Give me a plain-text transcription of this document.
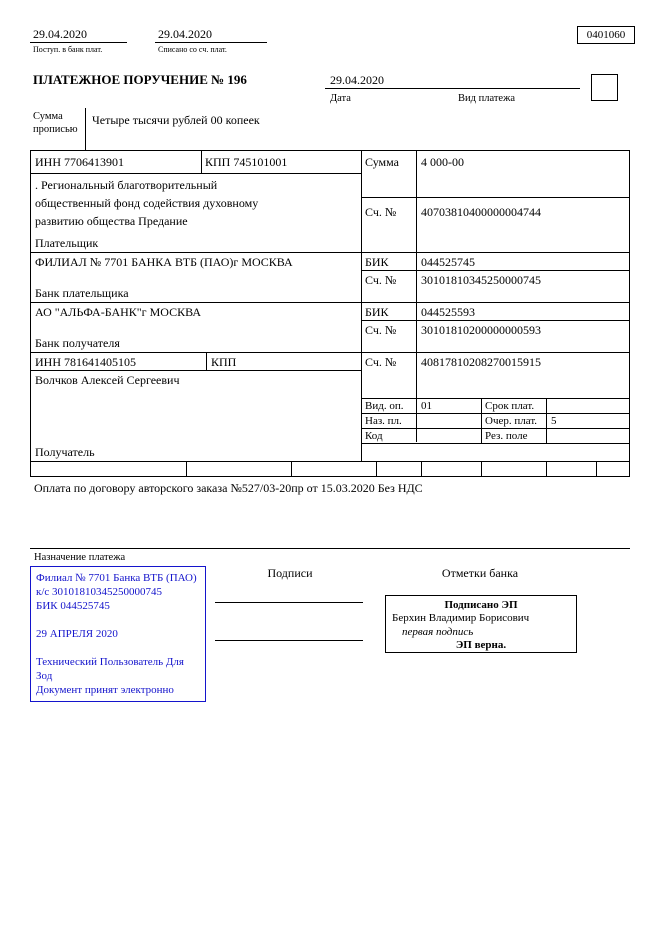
29.04.2020
Поступ. в банк плат.
29.04.2020
Списано со сч. плат.
0401060
ПЛАТЕЖНОЕ ПОРУЧЕНИЕ № 196	29.04.2020
Дата	Вид платежа
Сумма прописью
Четыре тысячи рублей 00 копеек
ИНН 7706413901	КПП 745101001	Сумма 4 000-00
. Региональный благотворительный общественный фонд содействия духовному развитию общества Предание
Сч. № 40703810400000004744
Плательщик
ФИЛИАЛ № 7701 БАНКА ВТБ (ПАО)г МОСКВА	БИК	044525745
Сч. № 30101810345250000745
Банк плательщика
АО "АЛЬФА-БАНК"г МОСКВА	БИК	044525593
Сч. № 30101810200000000593
Банк получателя
ИНН 781641405105	КПП	Сч. № 40817810208270015915
Волчков Алексей Сергеевич
Вид. оп. 01	Срок плат.
Наз. пл.	Очер. плат. 5
Код	Рез. поле
Получатель
Оплата по договору авторского заказа №527/03-20пр от 15.03.2020 Без НДС
Назначение платежа
Филиал № 7701 Банка ВТБ (ПАО)
к/с 30101810345250000745
БИК 044525745
29 АПРЕЛЯ 2020
Технический Пользователь Для Зод
Документ принят электронно
Подписи	Отметки банка
Подписано ЭП
Берхин Владимир Борисович
первая подпись
ЭП верна.
